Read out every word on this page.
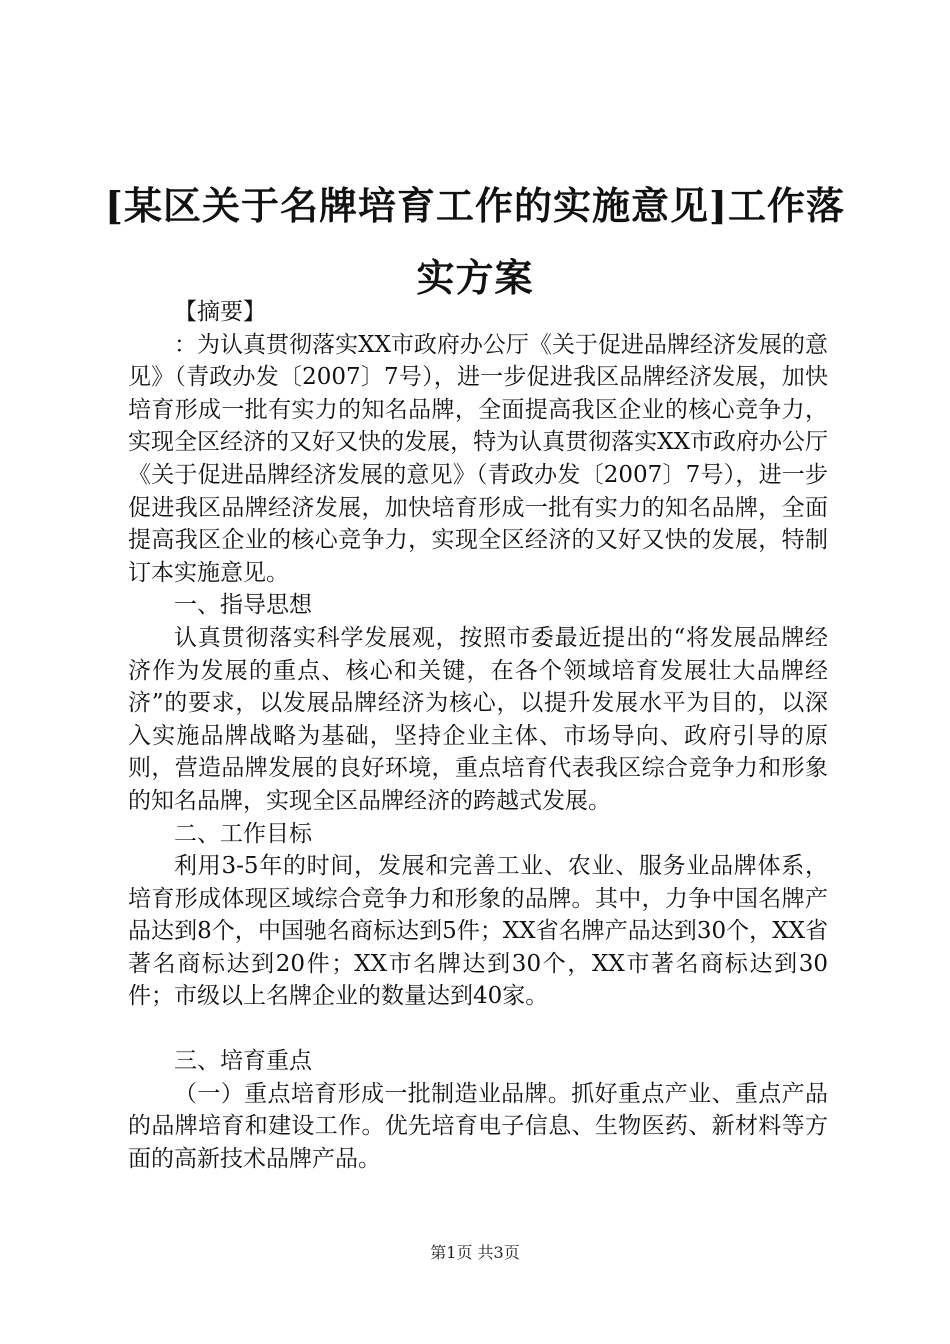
[某区关于名牌培育工作的实施意见]工作落实方案

【摘要】

：为认真贯彻落实XX市政府办公厅《关于促进品牌经济发展的意见》（青政办发〔2007〕7号），进一步促进我区品牌经济发展，加快培育形成一批有实力的知名品牌，全面提高我区企业的核心竞争力，实现全区经济的又好又快的发展，特为认真贯彻落实XX市政府办公厅《关于促进品牌经济发展的意见》（青政办发〔2007〕7号），进一步促进我区品牌经济发展，加快培育形成一批有实力的知名品牌，全面提高我区企业的核心竞争力，实现全区经济的又好又快的发展，特制订本实施意见。

一、指导思想

认真贯彻落实科学发展观，按照市委最近提出的“将发展品牌经济作为发展的重点、核心和关键，在各个领域培育发展壮大品牌经济”的要求，以发展品牌经济为核心，以提升发展水平为目的，以深入实施品牌战略为基础，坚持企业主体、市场导向、政府引导的原则，营造品牌发展的良好环境，重点培育代表我区综合竞争力和形象的知名品牌，实现全区品牌经济的跨越式发展。

二、工作目标

利用3-5年的时间，发展和完善工业、农业、服务业品牌体系，培育形成体现区域综合竞争力和形象的品牌。其中，力争中国名牌产品达到8个，中国驰名商标达到5件；XX省名牌产品达到30个，XX省著名商标达到20件；XX市名牌达到30个，XX市著名商标达到30件；市级以上名牌企业的数量达到40家。

三、培育重点

（一）重点培育形成一批制造业品牌。抓好重点产业、重点产品的品牌培育和建设工作。优先培育电子信息、生物医药、新材料等方面的高新技术品牌产品。

第1页 共3页
